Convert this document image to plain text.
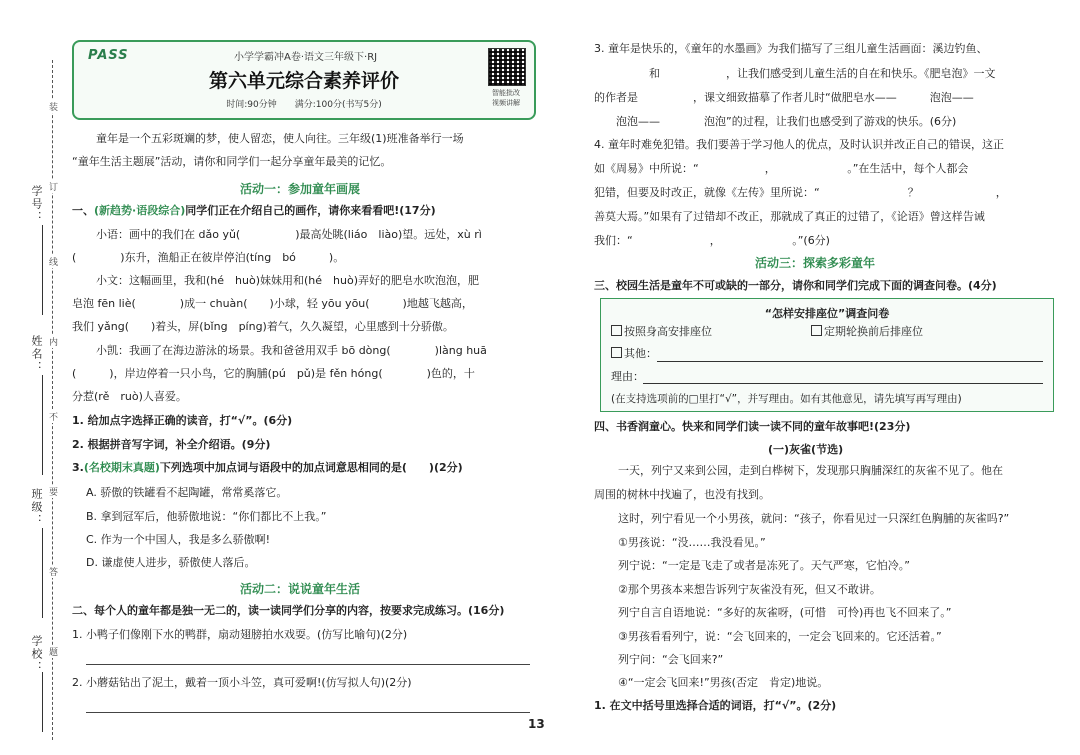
学号：
姓名：
班级：
学校：
装
订
线
内
不
要
答
题
PASS	小学学霸冲A卷·语文三年级下·RJ
第六单元综合素养评价
时间:90分钟　　满分:100分(书写5分)
智能批改
视频讲解
童年是一个五彩斑斓的梦，使人留恋，使人向往。三年级(1)班准备举行一场
“童年生活主题展”活动，请你和同学们一起分享童年最美的记忆。
活动一：参加童年画展
一、(新趋势·语段综合)同学们正在介绍自己的画作，请你来看看吧!(17分)
小语：画中的我们在 dǎo yǔ(　　　　　)最高处眺(liáo　liào)望。远处，xù rì
(　　　　)东升，渔船正在彼岸停泊(tíng　bó　　　)。
小文：这幅画里，我和(hé　huò)妹妹用和(hé　huò)弄好的肥皂水吹泡泡，肥
皂泡 fēn liè(　　　　)成一 chuàn(　　)小球，轻 yōu yōu(　　　)地越飞越高，
我们 yǎng(　　)着头，屏(bǐng　píng)着气，久久凝望，心里感到十分骄傲。
小凯：我画了在海边游泳的场景。我和爸爸用双手 bō dòng(　　　　)làng huā
(　　　)，岸边停着一只小鸟，它的胸脯(pú　pǔ)是 fěn hóng(　　　　)色的，十
分惹(rě　ruò)人喜爱。
1. 给加点字选择正确的读音，打“√”。(6分)
2. 根据拼音写字词，补全介绍语。(9分)
3.(名校期末真题)下列选项中加点词与语段中的加点词意思相同的是(　　)(2分)
A. 骄傲的铁罐看不起陶罐，常常奚落它。
B. 拿到冠军后，他骄傲地说：“你们都比不上我。”
C. 作为一个中国人，我是多么骄傲啊!
D. 谦虚使人进步，骄傲使人落后。
活动二：说说童年生活
二、每个人的童年都是独一无二的，读一读同学们分享的内容，按要求完成练习。(16分)
1. 小鸭子们像刚下水的鸭群，扇动翅膀拍水戏耍。(仿写比喻句)(2分)
2. 小蘑菇钻出了泥土，戴着一顶小斗笠，真可爱啊!(仿写拟人句)(2分)
13
3. 童年是快乐的，《童年的水墨画》为我们描写了三组儿童生活画面：溪边钓鱼、
　　　　　和　　　　　　，让我们感受到儿童生活的自在和快乐。《肥皂泡》一文
的作者是　　　　　，课文细致描摹了作者儿时“做肥皂水——　　　泡泡——　
　　泡泡——　　　　泡泡”的过程，让我们也感受到了游戏的快乐。(6分)
4. 童年时难免犯错。我们要善于学习他人的优点，及时认识并改正自己的错误，这正
如《周易》中所说：“　　　　　　，　　　　　　　。”在生活中，每个人都会
犯错，但要及时改正，就像《左传》里所说：“　　　　　　　　？　　　　　　　，
善莫大焉。”如果有了过错却不改正，那就成了真正的过错了，《论语》曾这样告诫
我们：“　　　　　　　，　　　　　　　。”(6分)
活动三：探索多彩童年
三、校园生活是童年不可或缺的一部分，请你和同学们完成下面的调查问卷。(4分)
“怎样安排座位”调查问卷
按照身高安排座位	定期轮换前后排座位
其他：
理由：
(在支持选项前的□里打“√”，并写理由。如有其他意见，请先填写再写理由)
四、书香润童心。快来和同学们读一读不同的童年故事吧!(23分)
(一)灰雀(节选)
一天，列宁又来到公园，走到白桦树下，发现那只胸脯深红的灰雀不见了。他在
周围的树林中找遍了，也没有找到。
这时，列宁看见一个小男孩，就问：“孩子，你看见过一只深红色胸脯的灰雀吗?”
①男孩说：“没……我没看见。”
列宁说：“一定是飞走了或者是冻死了。天气严寒，它怕冷。”
②那个男孩本来想告诉列宁灰雀没有死，但又不敢讲。
列宁自言自语地说：“多好的灰雀呀，(可惜　可怜)再也飞不回来了。”
③男孩看看列宁，说：“会飞回来的，一定会飞回来的。它还活着。”
列宁问：“会飞回来?”
④“一定会飞回来!”男孩(否定　肯定)地说。
1. 在文中括号里选择合适的词语，打“√”。(2分)
